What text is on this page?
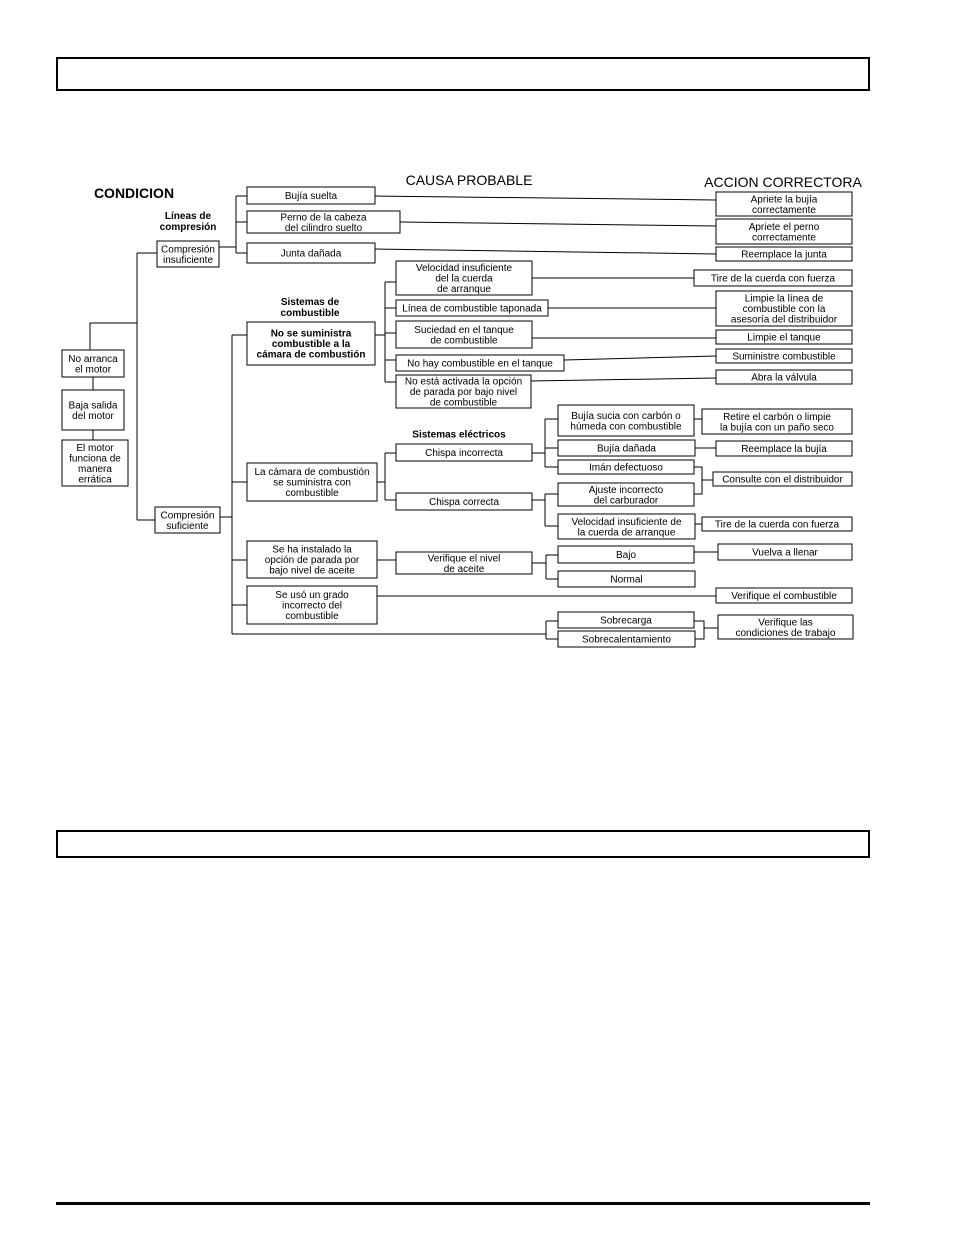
No arranca el motor
Baja salida del motor
El motor funciona de manera errática
Compresión insuficiente
Compresión suficiente
Bujía suelta
Perno de la cabeza del cilindro suelto
Junta dañada
No se suministra combustible a la cámara de combustión
Velocidad insuficiente del la cuerda de arranque
Línea de combustible taponada
Suciedad en el tanque de combustible
No hay combustible en el tanque
No está activada la opción de parada por bajo nivel de combustible
La cámara de combustión se suministra con combustible
Chispa incorrecta
Chispa correcta
Bujía sucia con carbón o húmeda con combustible
Bujía dañada
Imán defectuoso
Ajuste incorrecto del carburador
Velocidad insuficiente de la cuerda de arranque
Se ha instalado la opción de parada por bajo nivel de aceite
Verifique el nivel de aceite
Bajo
Normal
Se usó un grado incorrecto del combustible	Sobrecarga
Sobrecalentamiento
Apriete la bujía correctamente
Apriete el perno correctamente
Reemplace la junta
Tire de la cuerda con fuerza
Limpie la línea de combustible con la asesoría del distribuidor
Limpie el tanque
Suministre combustible
Abra la válvula
Retire el carbón o limpie la bujía con un paño seco
Reemplace la bujía
Consulte con el distribuidor
Tire de la cuerda con fuerza
Vuelva a llenar
Verifique el combustible
Verifique las condiciones de trabajo
CONDICION
CAUSA PROBABLE	ACCION CORRECTORA
Líneas de compresión
Sistemas de combustible
Sistemas eléctricos
